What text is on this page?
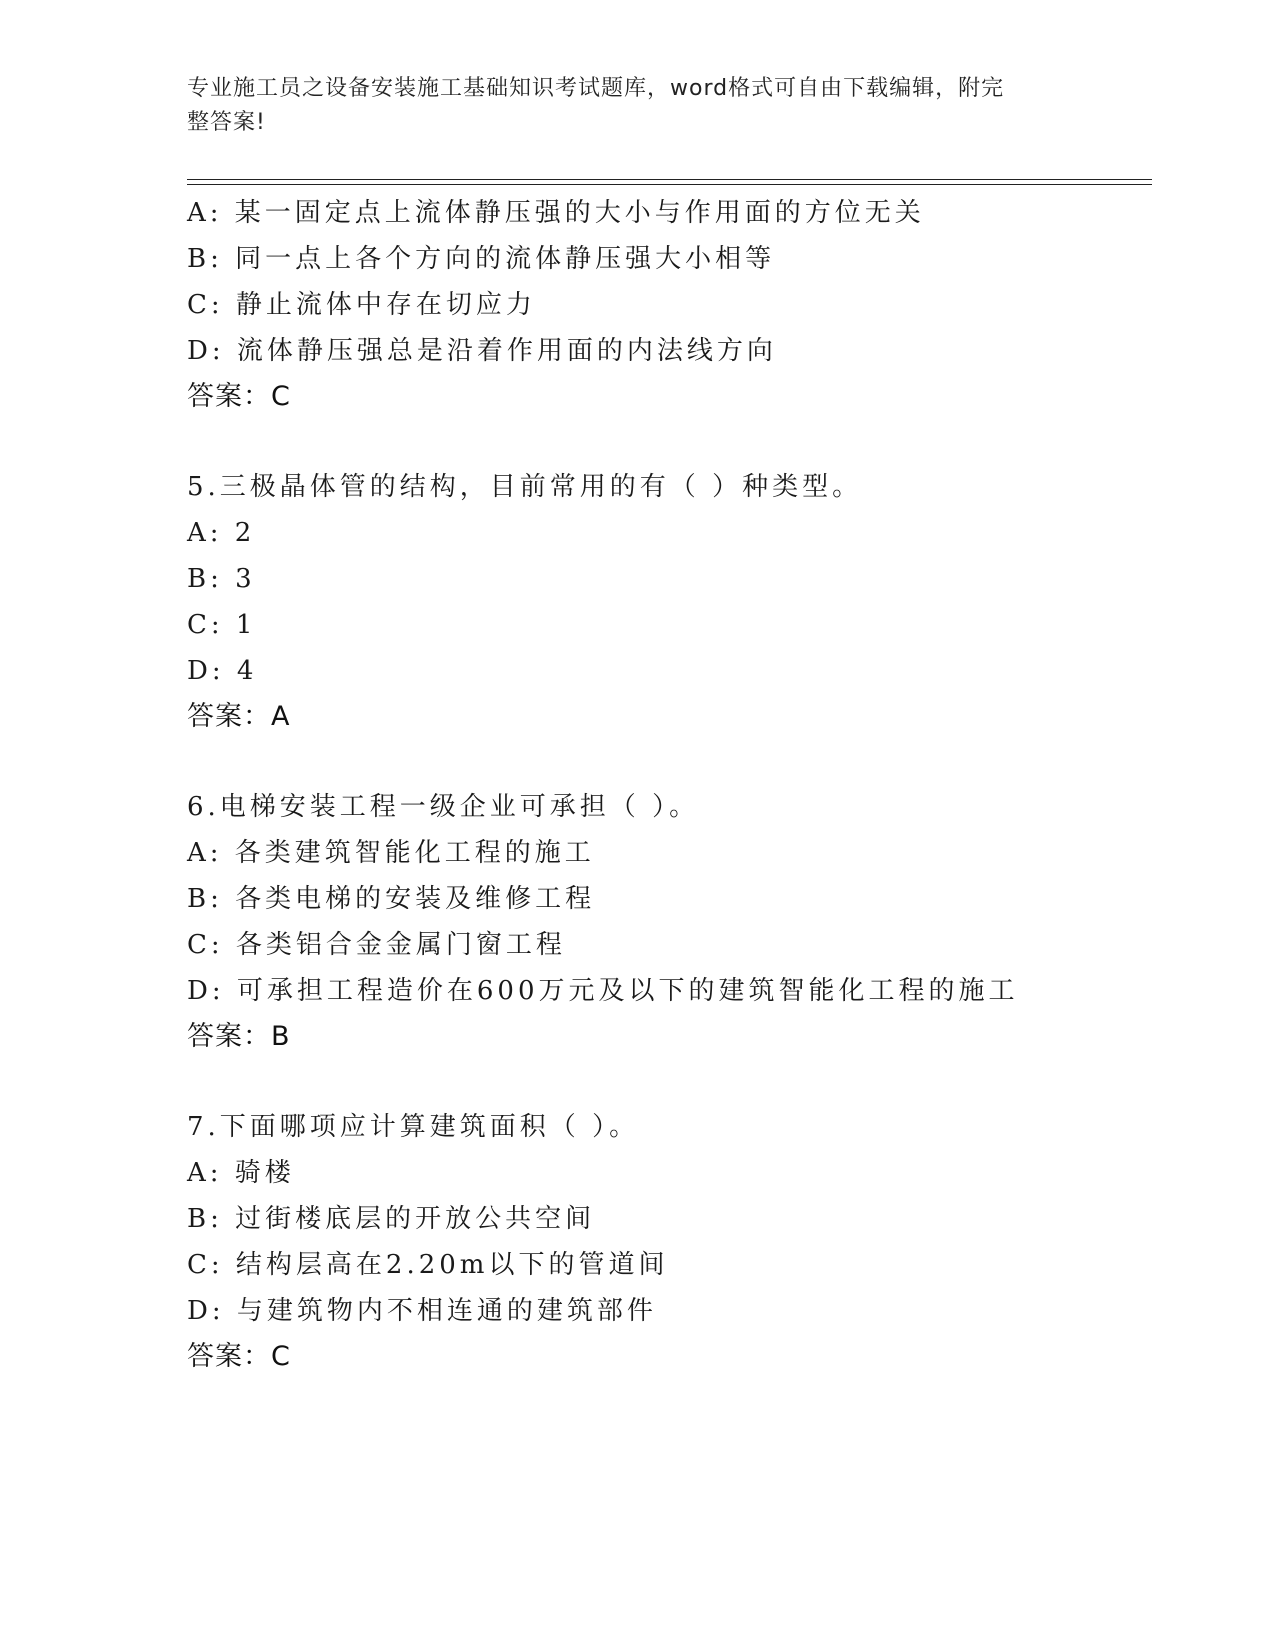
专业施工员之设备安装施工基础知识考试题库，word格式可自由下载编辑，附完
整答案!
A: 某一固定点上流体静压强的大小与作用面的方位无关
B: 同一点上各个方向的流体静压强大小相等
C: 静止流体中存在切应力
D: 流体静压强总是沿着作用面的内法线方向
答案：C
5.三极晶体管的结构，目前常用的有（ ）种类型。
A: 2
B: 3
C: 1
D: 4
答案：A
6.电梯安装工程一级企业可承担（ ）。
A: 各类建筑智能化工程的施工
B: 各类电梯的安装及维修工程
C: 各类铝合金金属门窗工程
D: 可承担工程造价在600万元及以下的建筑智能化工程的施工
答案：B
7.下面哪项应计算建筑面积（ ）。
A: 骑楼
B: 过街楼底层的开放公共空间
C: 结构层高在2.20m以下的管道间
D: 与建筑物内不相连通的建筑部件
答案：C
